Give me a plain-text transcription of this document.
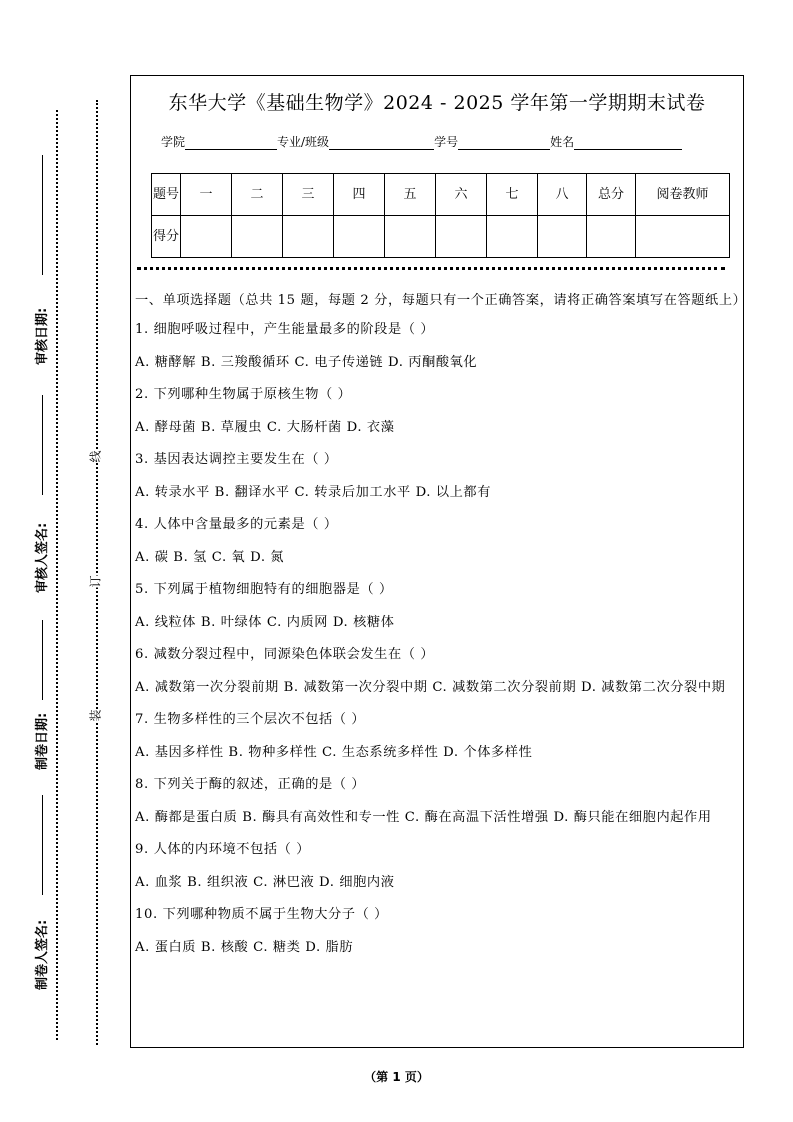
审核日期:
审核人签名:
制卷日期:
制卷人签名:
线
订
装
东华大学《基础生物学》2024 - 2025 学年第一学期期末试卷
学院	专业/班级	学号	姓名
题号	一	二	三	四	五	六	七	八	总分	阅卷教师
得分										

一、单项选择题（总共 15 题，每题 2 分，每题只有一个正确答案，请将正确答案填写在答题纸上）

1. 细胞呼吸过程中，产生能量最多的阶段是（ ）

A. 糖酵解 B. 三羧酸循环 C. 电子传递链 D. 丙酮酸氧化

2. 下列哪种生物属于原核生物（ ）

A. 酵母菌 B. 草履虫 C. 大肠杆菌 D. 衣藻

3. 基因表达调控主要发生在（ ）

A. 转录水平 B. 翻译水平 C. 转录后加工水平 D. 以上都有

4. 人体中含量最多的元素是（ ）

A. 碳 B. 氢 C. 氧 D. 氮

5. 下列属于植物细胞特有的细胞器是（ ）

A. 线粒体 B. 叶绿体 C. 内质网 D. 核糖体

6. 减数分裂过程中，同源染色体联会发生在（ ）

A. 减数第一次分裂前期 B. 减数第一次分裂中期 C. 减数第二次分裂前期 D. 减数第二次分裂中期

7. 生物多样性的三个层次不包括（ ）

A. 基因多样性 B. 物种多样性 C. 生态系统多样性 D. 个体多样性

8. 下列关于酶的叙述，正确的是（ ）

A. 酶都是蛋白质 B. 酶具有高效性和专一性 C. 酶在高温下活性增强 D. 酶只能在细胞内起作用

9. 人体的内环境不包括（ ）

A. 血浆 B. 组织液 C. 淋巴液 D. 细胞内液

10. 下列哪种物质不属于生物大分子（ ）

A. 蛋白质 B. 核酸 C. 糖类 D. 脂肪

（第 1 页）
